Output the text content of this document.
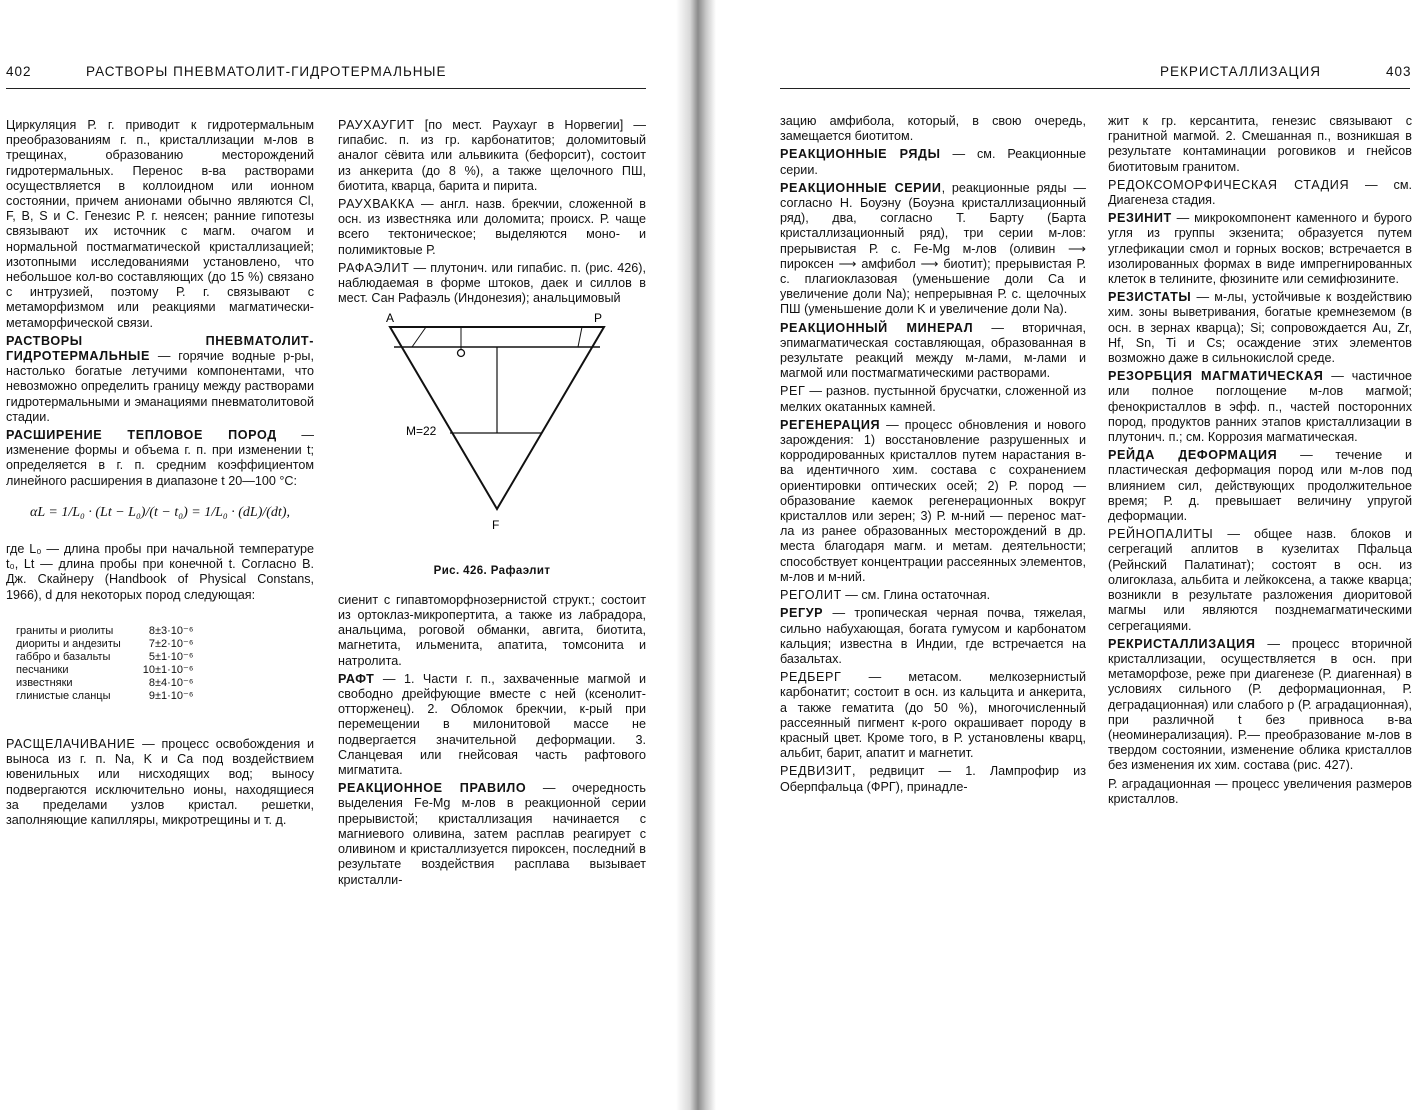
402	РАСТВОРЫ ПНЕВМАТОЛИТ-ГИДРОТЕРМАЛЬНЫЕ	РЕКРИСТАЛЛИЗАЦИЯ	403

Циркуляция Р. г. приводит к гидротермальным преобразованиям г. п., кристаллизации м-лов в трещинах, образованию месторождений гидротермальных. Перенос в-ва растворами осуществляется в коллоидном или ионном состоянии, причем анионами обычно являются Cl, F, B, S и C. Генезис Р. г. неясен; ранние гипотезы связывают их источник с магм. очагом и нормальной постмагматической кристаллизацией; изотопными исследованиями установлено, что небольшое кол-во составляющих (до 15 %) связано с интрузией, поэтому Р. г. связывают с метаморфизмом или реакциями магматически-метаморфической связи.

РАСТВОРЫ ПНЕВМАТОЛИТ-ГИДРОТЕРМАЛЬНЫЕ — горячие водные р-ры, настолько богатые летучими компонентами, что невозможно определить границу между растворами гидротермальными и эманациями пневматолитовой стадии.

РАСШИРЕНИЕ ТЕПЛОВОЕ ПОРОД — изменение формы и объема г. п. при изменении t; определяется в г. п. средним коэффициентом линейного расширения в диапазоне t 20—100 °C:

αL = 1/L₀ · (Lt − L₀)/(t − t₀) = 1/L₀ · (dL)/(dt),

где L₀ — длина пробы при начальной температуре t₀, Lt — длина пробы при конечной t. Согласно В. Дж. Скайнеру (Handbook of Physical Constans, 1966), d для некоторых пород следующая:

граниты и риолиты	8±3·10⁻⁶
диориты и андезиты	7±2·10⁻⁶
габбро и базальты	5±1·10⁻⁶
песчаники	10±1·10⁻⁶
известняки	8±4·10⁻⁶
глинистые сланцы	9±1·10⁻⁶

РАСЩЕЛАЧИВАНИЕ — процесс освобождения и выноса из г. п. Na, K и Ca под воздействием ювенильных или нисходящих вод; выносу подвергаются исключительно ионы, находящиеся за пределами узлов кристал. решетки, заполняющие капилляры, микротрещины и т. д.

РАУХАУГИТ [по мест. Раухауг в Норвегии] — гипабис. п. из гр. карбонатитов; доломитовый аналог сёвита или альвикита (бефорсит), состоит из анкерита (до 8 %), а также щелочного ПШ, биотита, кварца, барита и пирита.

РАУХВАККА — англ. назв. брекчии, сложенной в осн. из известняка или доломита; происх. Р. чаще всего тектоническое; выделяются моно- и полимиктовые Р.

РАФАЭЛИТ — плутонич. или гипабис. п. (рис. 426), наблюдаемая в форме штоков, даек и силлов в мест. Сан Рафаэль (Индонезия); анальцимовый

A	P
F
M=22
Рис. 426. Рафаэлит

сиенит с гипавтоморфнозернистой структ.; состоит из ортоклаз-микропертита, а также из лабрадора, анальцима, роговой обманки, авгита, биотита, магнетита, ильменита, апатита, томсонита и натролита.

РАФТ — 1. Части г. п., захваченные магмой и свободно дрейфующие вместе с ней (ксенолит-отторженец). 2. Обломок брекчии, к-рый при перемещении в милонитовой массе не подвергается значительной деформации. 3. Сланцевая или гнейсовая часть рафтового мигматита.

РЕАКЦИОННОЕ ПРАВИЛО — очередность выделения Fe-Mg м-лов в реакционной серии прерывистой; кристаллизация начинается с магниевого оливина, затем расплав реагирует с оливином и кристаллизуется пироксен, последний в результате воздействия расплава вызывает кристалли-

зацию амфибола, который, в свою очередь, замещается биотитом.

РЕАКЦИОННЫЕ РЯДЫ — см. Реакционные серии.

РЕАКЦИОННЫЕ СЕРИИ, реакционные ряды — согласно Н. Боуэну (Боуэна кристаллизационный ряд), два, согласно Т. Барту (Барта кристаллизационный ряд), три серии м-лов: прерывистая Р. с. Fe-Mg м-лов (оливин ⟶ пироксен ⟶ амфибол ⟶ биотит); прерывистая Р. с. плагиоклазовая (уменьшение доли Ca и увеличение доли Na); непрерывная Р. с. щелочных ПШ (уменьшение доли K и увеличение доли Na).

РЕАКЦИОННЫЙ МИНЕРАЛ — вторичная, эпимагматическая составляющая, образованная в результате реакций между м-лами, м-лами и магмой или постмагматическими растворами.

РЕГ — разнов. пустынной брусчатки, сложенной из мелких окатанных камней.

РЕГЕНЕРАЦИЯ — процесс обновления и нового зарождения: 1) восстановление разрушенных и корродированных кристаллов путем нарастания в-ва идентичного хим. состава с сохранением ориентировки оптических осей; 2) Р. пород — образование каемок регенерационных вокруг кристаллов или зерен; 3) Р. м-ний — перенос мат-ла из ранее образованных месторождений в др. места благодаря магм. и метам. деятельности; способствует концентрации рассеянных элементов, м-лов и м-ний.

РЕГОЛИТ — см. Глина остаточная.

РЕГУР — тропическая черная почва, тяжелая, сильно набухающая, богата гумусом и карбонатом кальция; известна в Индии, где встречается на базальтах.

РЕДБЕРГ — метасом. мелкозернистый карбонатит; состоит в осн. из кальцита и анкерита, а также гематита (до 50 %), многочисленный рассеянный пигмент к-рого окрашивает породу в красный цвет. Кроме того, в Р. установлены кварц, альбит, барит, апатит и магнетит.

РЕДВИЗИТ, редвицит — 1. Лампрофир из Оберпфальца (ФРГ), принадле-

жит к гр. керсантита, генезис связывают с гранитной магмой. 2. Смешанная п., возникшая в результате контаминации роговиков и гнейсов биотитовым гранитом.

РЕДОКСОМОРФИЧЕСКАЯ СТАДИЯ — см. Диагенеза стадия.

РЕЗИНИТ — микрокомпонент каменного и бурого угля из группы экзенита; образуется путем углефикации смол и горных восков; встречается в изолированных формах в виде импрегнированных клеток в телините, фюзините или семифюзините.

РЕЗИСТАТЫ — м-лы, устойчивые к воздействию хим. зоны выветривания, богатые кремнеземом (в осн. в зернах кварца); Si; сопровождается Au, Zr, Hf, Sn, Ti и Cs; осаждение этих элементов возможно даже в сильнокислой среде.

РЕЗОРБЦИЯ МАГМАТИЧЕСКАЯ — частичное или полное поглощение м-лов магмой; фенокристаллов в эфф. п., частей посторонних пород, продуктов ранних этапов кристаллизации в плутонич. п.; см. Коррозия магматическая.

РЕЙДА ДЕФОРМАЦИЯ — течение и пластическая деформация пород или м-лов под влиянием сил, действующих продолжительное время; Р. д. превышает величину упругой деформации.

РЕЙНОПАЛИТЫ — общее назв. блоков и сегрегаций аплитов в кузелитах Пфальца (Рейнский Палатинат); состоят в осн. из олигоклаза, альбита и лейкоксена, а также кварца; возникли в результате разложения диоритовой магмы или являются позднемагматическими сегрегациями.

РЕКРИСТАЛЛИЗАЦИЯ — процесс вторичной кристаллизации, осуществляется в осн. при метаморфозе, реже при диагенезе (Р. диагенная) в условиях сильного (Р. деформационная, Р. деградационная) или слабого р (Р. аградационная), при различной t без привноса в-ва (неоминерализация). Р.— преобразование м-лов в твердом состоянии, изменение облика кристаллов без изменения их хим. состава (рис. 427).

Р. аградационная — процесс увеличения размеров кристаллов.
